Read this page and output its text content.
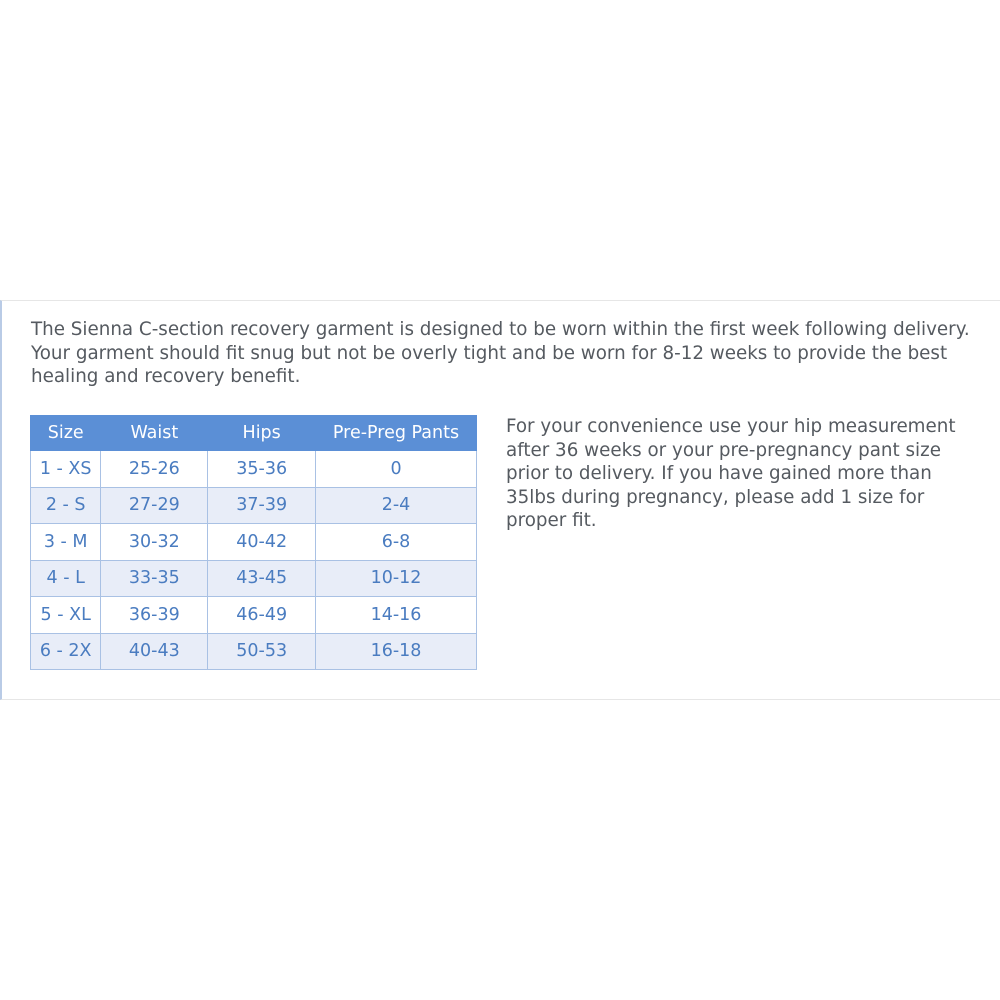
The Sienna C-section recovery garment is designed to be worn within the first week following delivery.

Your garment should fit snug but not be overly tight and be worn for 8-12 weeks to provide the best

healing and recovery benefit.

Size	Waist	Hips	Pre-Preg Pants
1 - XS	25-26	35-36	0
2 - S	27-29	37-39	2-4
3 - M	30-32	40-42	6-8
4 - L	33-35	43-45	10-12
5 - XL	36-39	46-49	14-16
6 - 2X	40-43	50-53	16-18

For your convenience use your hip measurement

after 36 weeks or your pre-pregnancy pant size

prior to delivery. If you have gained more than

35lbs during pregnancy, please add 1 size for

proper fit.
